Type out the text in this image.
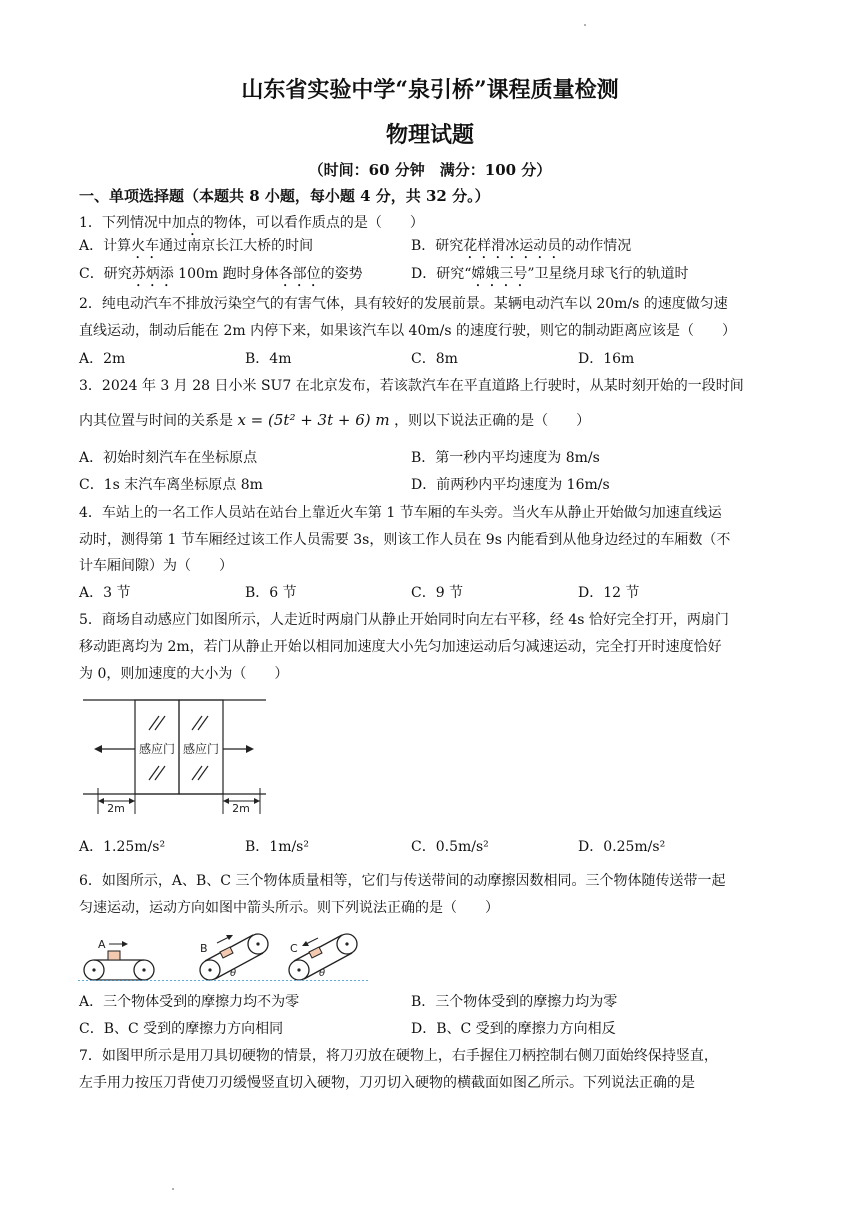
山东省实验中学“泉引桥”课程质量检测
物理试题
（时间：60 分钟　满分：100 分）
一、单项选择题（本题共 8 小题，每小题 4 分，共 32 分。）
1．下列情况中加点的物体，可以看作质点的是（　　）
A．计算火车通过南京长江大桥的时间	B．研究花样滑冰运动员的动作情况
C．研究苏炳添 100m 跑时身体各部位的姿势	D．研究“嫦娥三号”卫星绕月球飞行的轨道时
2．纯电动汽车不排放污染空气的有害气体，具有较好的发展前景。某辆电动汽车以 20m/s 的速度做匀速
直线运动，制动后能在 2m 内停下来，如果该汽车以 40m/s 的速度行驶，则它的制动距离应该是（　　）
A．2m	B．4m	C．8m	D．16m
3．2024 年 3 月 28 日小米 SU7 在北京发布，若该款汽车在平直道路上行驶时，从某时刻开始的一段时间
内其位置与时间的关系是 x = (5t² + 3t + 6) m ，则以下说法正确的是（　　）
A．初始时刻汽车在坐标原点	B．第一秒内平均速度为 8m/s
C．1s 末汽车离坐标原点 8m	D．前两秒内平均速度为 16m/s
4．车站上的一名工作人员站在站台上靠近火车第 1 节车厢的车头旁。当火车从静止开始做匀加速直线运
动时，测得第 1 节车厢经过该工作人员需要 3s，则该工作人员在 9s 内能看到从他身边经过的车厢数（不
计车厢间隙）为（　　）
A．3 节	B．6 节	C．9 节	D．12 节
5．商场自动感应门如图所示，人走近时两扇门从静止开始同时向左右平移，经 4s 恰好完全打开，两扇门
移动距离均为 2m，若门从静止开始以相同加速度大小先匀加速运动后匀减速运动，完全打开时速度恰好
为 0，则加速度的大小为（　　）
感应门 感应门
2m	2m
A．1.25m/s²	B．1m/s²	C．0.5m/s²	D．0.25m/s²
6．如图所示，A、B、C 三个物体质量相等，它们与传送带间的动摩擦因数相同。三个物体随传送带一起
匀速运动，运动方向如图中箭头所示。则下列说法正确的是（　　）
A	B
θ
C
θ
A．三个物体受到的摩擦力均不为零	B．三个物体受到的摩擦力均为零
C．B、C 受到的摩擦力方向相同	D．B、C 受到的摩擦力方向相反
7．如图甲所示是用刀具切硬物的情景，将刀刃放在硬物上，右手握住刀柄控制右侧刀面始终保持竖直，
左手用力按压刀背使刀刃缓慢竖直切入硬物，刀刃切入硬物的横截面如图乙所示。下列说法正确的是
